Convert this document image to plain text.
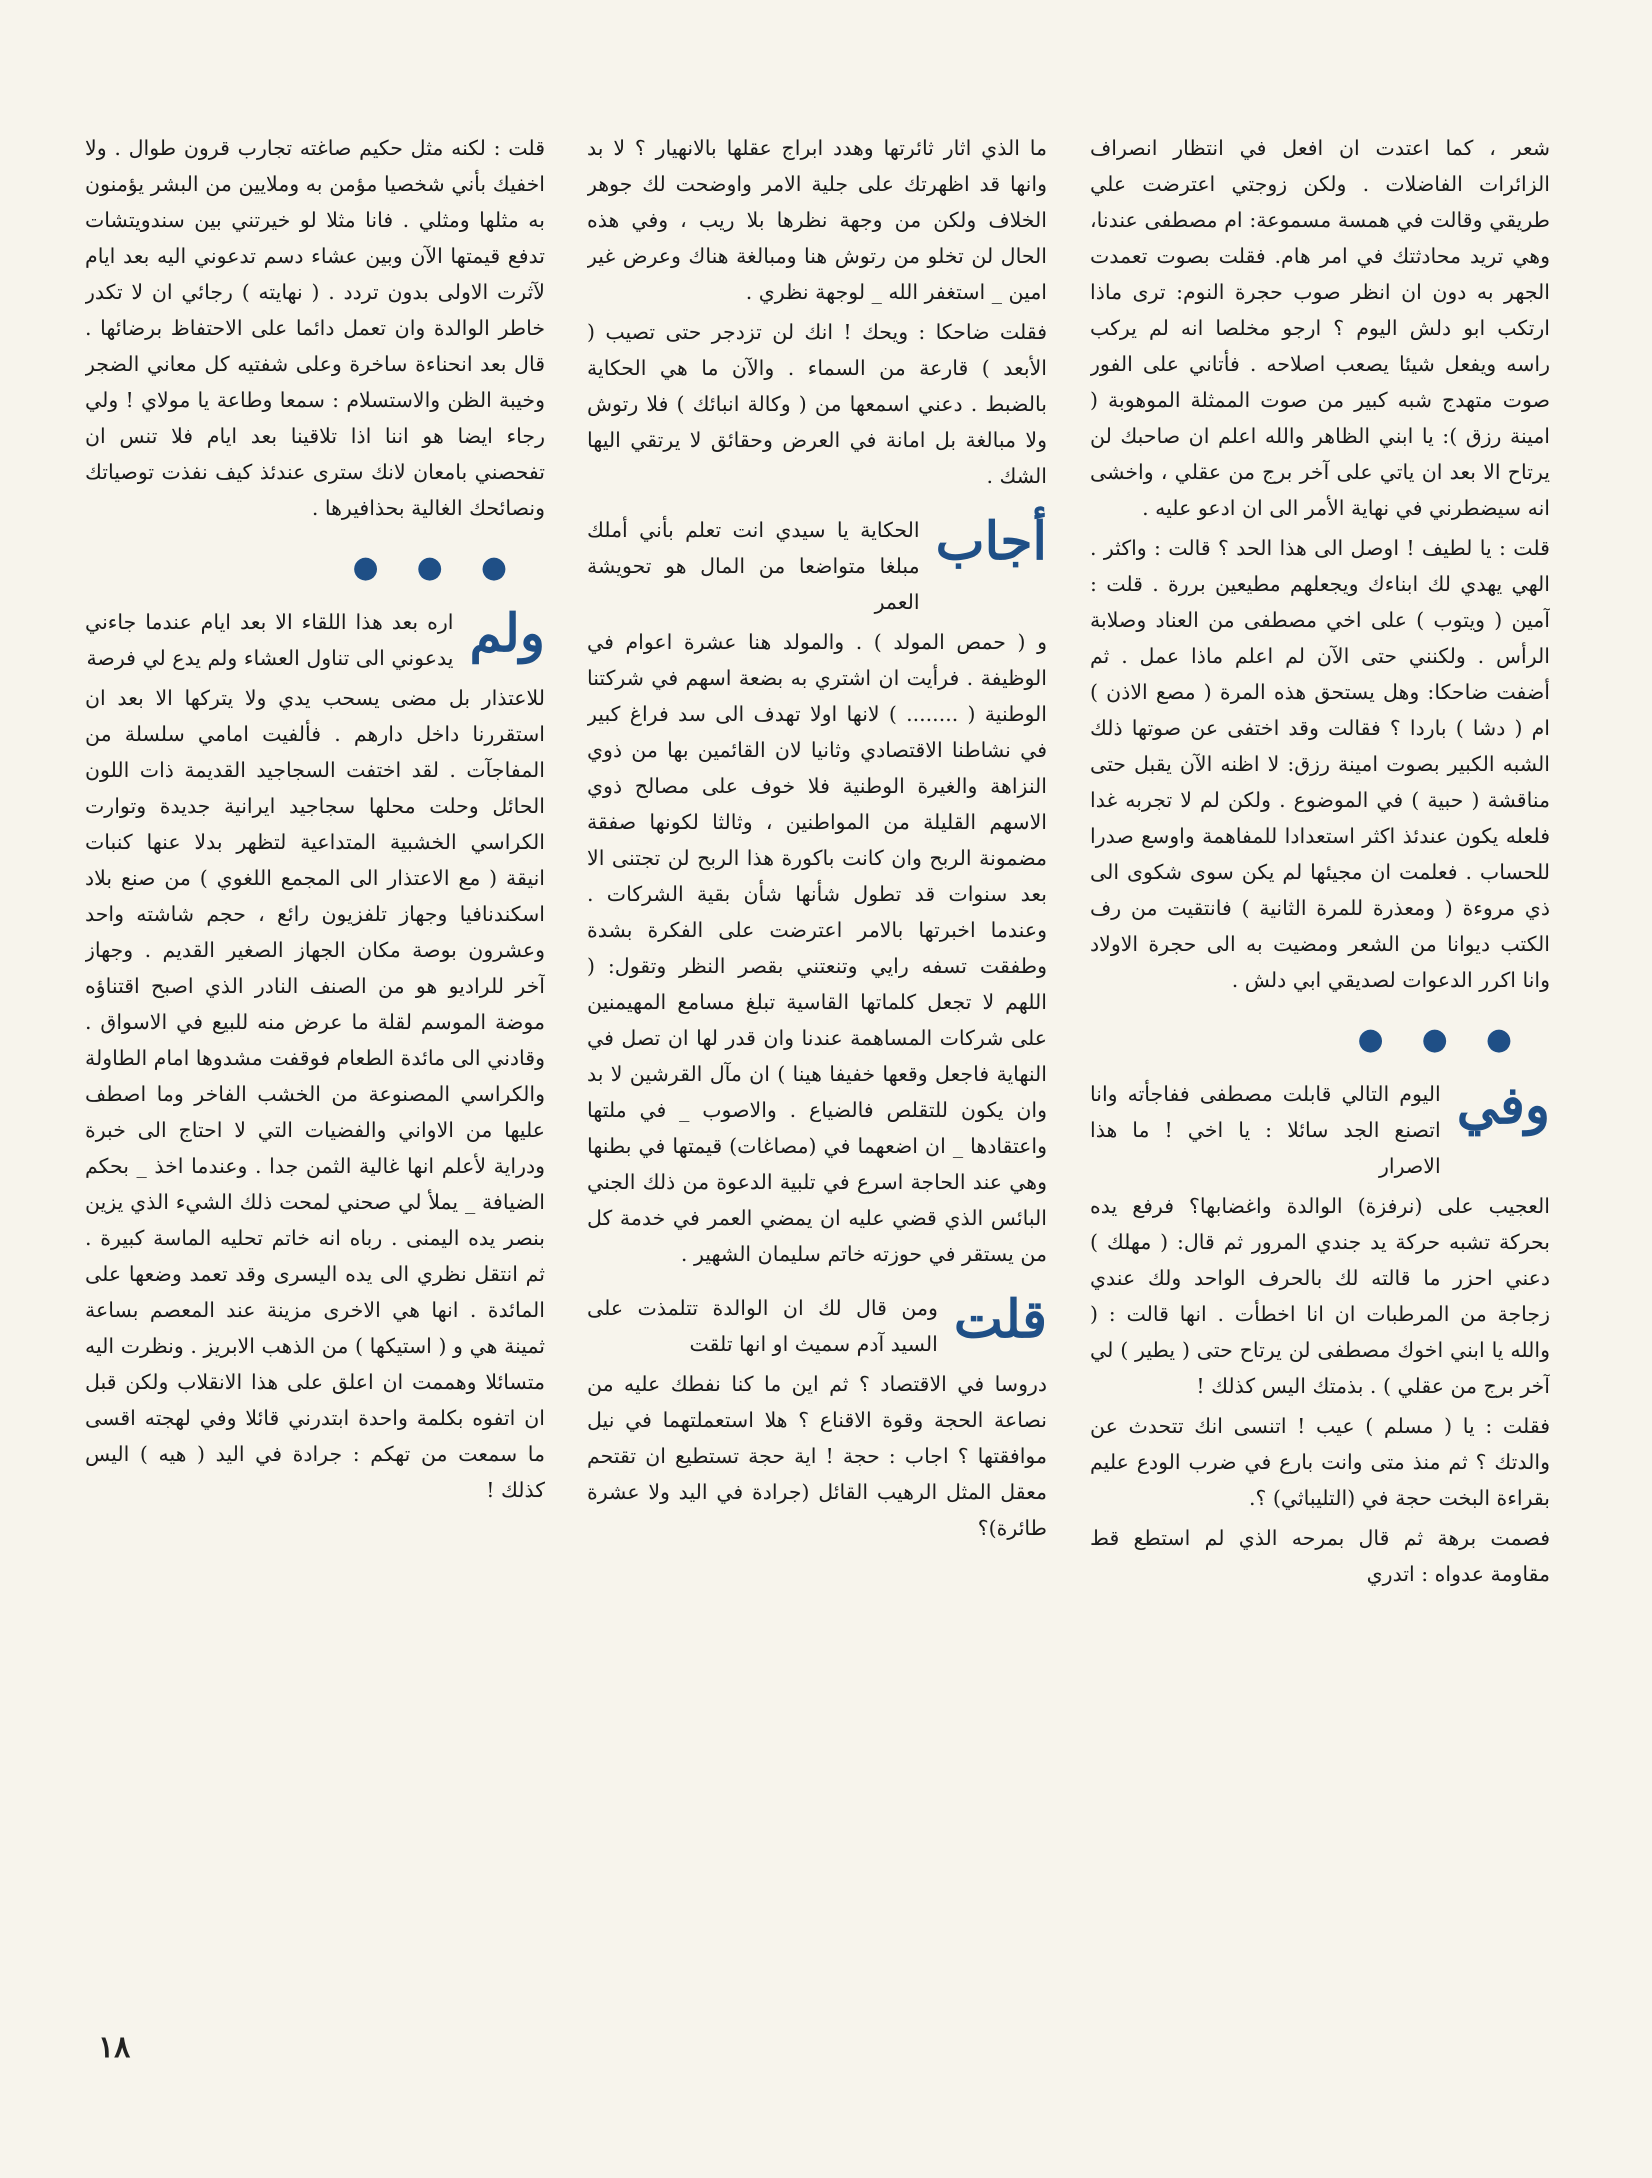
شعر ، كما اعتدت ان افعل في انتظار انصراف الزائرات الفاضلات . ولكن زوجتي اعترضت علي طريقي وقالت في همسة مسموعة: ام مصطفى عندنا، وهي تريد محادثتك في امر هام. فقلت بصوت تعمدت الجهر به دون ان انظر صوب حجرة النوم: ترى ماذا ارتكب ابو دلش اليوم ؟ ارجو مخلصا انه لم يركب راسه ويفعل شيئا يصعب اصلاحه . فأتاني على الفور صوت متهدج شبه كبير من صوت الممثلة الموهوبة ( امينة رزق ): يا ابني الظاهر والله اعلم ان صاحبك لن يرتاح الا بعد ان ياتي على آخر برج من عقلي ، واخشى انه سيضطرني في نهاية الأمر الى ان ادعو عليه .

قلت : يا لطيف ! اوصل الى هذا الحد ؟ قالت : واكثر . الهي يهدي لك ابناءك ويجعلهم مطيعين بررة . قلت : آمين ( ويتوب ) على اخي مصطفى من العناد وصلابة الرأس . ولكنني حتى الآن لم اعلم ماذا عمل . ثم أضفت ضاحكا: وهل يستحق هذه المرة ( مصع الاذن ) ام ( دشا ) باردا ؟ فقالت وقد اختفى عن صوتها ذلك الشبه الكبير بصوت امينة رزق: لا اظنه الآن يقبل حتى مناقشة ( حبية ) في الموضوع . ولكن لم لا تجربه غدا فلعله يكون عندئذ اكثر استعدادا للمفاهمة واوسع صدرا للحساب . فعلمت ان مجيئها لم يكن سوى شكوى الى ذي مروءة ( ومعذرة للمرة الثانية ) فانتقيت من رف الكتب ديوانا من الشعر ومضيت به الى حجرة الاولاد وانا اكرر الدعوات لصديقي ابي دلش .

●●●
وفي
اليوم التالي قابلت مصطفى ففاجأته وانا اتصنع الجد سائلا : يا اخي ! ما هذا الاصرار

العجيب على (نرفزة) الوالدة واغضابها؟ فرفع يده بحركة تشبه حركة يد جندي المرور ثم قال: ( مهلك ) دعني احزر ما قالته لك بالحرف الواحد ولك عندي زجاجة من المرطبات ان انا اخطأت . انها قالت : ( والله يا ابني اخوك مصطفى لن يرتاح حتى ( يطير ) لي آخر برج من عقلي ) . بذمتك اليس كذلك !

فقلت : يا ( مسلم ) عيب ! اتنسى انك تتحدث عن والدتك ؟ ثم منذ متى وانت بارع في ضرب الودع عليم بقراءة البخت حجة في (التليباثي) ؟.

فصمت برهة ثم قال بمرحه الذي لم استطع قط مقاومة عدواه : اتدري

ما الذي اثار ثائرتها وهدد ابراج عقلها بالانهيار ؟ لا بد وانها قد اظهرتك على جلية الامر واوضحت لك جوهر الخلاف ولكن من وجهة نظرها بلا ريب ، وفي هذه الحال لن تخلو من رتوش هنا ومبالغة هناك وعرض غير امين _ استغفر الله _ لوجهة نظري .

فقلت ضاحكا : ويحك ! انك لن تزدجر حتى تصيب ( الأبعد ) قارعة من السماء . والآن ما هي الحكاية بالضبط . دعني اسمعها من ( وكالة انبائك ) فلا رتوش ولا مبالغة بل امانة في العرض وحقائق لا يرتقي اليها الشك .

أجاب
الحكاية يا سيدي انت تعلم بأني أملك مبلغا متواضعا من المال هو تحويشة العمر

و ( حمص المولد ) . والمولد هنا عشرة اعوام في الوظيفة . فرأيت ان اشتري به بضعة اسهم في شركتنا الوطنية ( ........ ) لانها اولا تهدف الى سد فراغ كبير في نشاطنا الاقتصادي وثانيا لان القائمين بها من ذوي النزاهة والغيرة الوطنية فلا خوف على مصالح ذوي الاسهم القليلة من المواطنين ، وثالثا لكونها صفقة مضمونة الربح وان كانت باكورة هذا الربح لن تجتنى الا بعد سنوات قد تطول شأنها شأن بقية الشركات . وعندما اخبرتها بالامر اعترضت على الفكرة بشدة وطفقت تسفه رايي وتنعتني بقصر النظر وتقول: ( اللهم لا تجعل كلماتها القاسية تبلغ مسامع المهيمنين على شركات المساهمة عندنا وان قدر لها ان تصل في النهاية فاجعل وقعها خفيفا هينا ) ان مآل القرشين لا بد وان يكون للتقلص فالضياع . والاصوب _ في ملتها واعتقادها _ ان اضعهما في (مصاغات) قيمتها في بطنها وهي عند الحاجة اسرع في تلبية الدعوة من ذلك الجني البائس الذي قضي عليه ان يمضي العمر في خدمة كل من يستقر في حوزته خاتم سليمان الشهير .

قلت
ومن قال لك ان الوالدة تتلمذت على السيد آدم سميث او انها تلقت

دروسا في الاقتصاد ؟ ثم اين ما كنا نفطك عليه من نصاعة الحجة وقوة الاقناع ؟ هلا استعملتهما في نيل موافقتها ؟ اجاب : حجة ! اية حجة تستطيع ان تقتحم معقل المثل الرهيب القائل (جرادة في اليد ولا عشرة طائرة)؟

قلت : لكنه مثل حكيم صاغته تجارب قرون طوال . ولا اخفيك بأني شخصيا مؤمن به وملايين من البشر يؤمنون به مثلها ومثلي . فانا مثلا لو خيرتني بين سندويتشات تدفع قيمتها الآن وبين عشاء دسم تدعوني اليه بعد ايام لآثرت الاولى بدون تردد . ( نهايته ) رجائي ان لا تكدر خاطر الوالدة وان تعمل دائما على الاحتفاظ برضائها . قال بعد انحناءة ساخرة وعلى شفتيه كل معاني الضجر وخيبة الظن والاستسلام : سمعا وطاعة يا مولاي ! ولي رجاء ايضا هو اننا اذا تلاقينا بعد ايام فلا تنس ان تفحصني بامعان لانك سترى عندئذ كيف نفذت توصياتك ونصائحك الغالية بحذافيرها .

●●●
ولم
اره بعد هذا اللقاء الا بعد ايام عندما جاءني يدعوني الى تناول العشاء ولم يدع لي فرصة

للاعتذار بل مضى يسحب يدي ولا يتركها الا بعد ان استقررنا داخل دارهم . فألفيت امامي سلسلة من المفاجآت . لقد اختفت السجاجيد القديمة ذات اللون الحائل وحلت محلها سجاجيد ايرانية جديدة وتوارت الكراسي الخشبية المتداعية لتظهر بدلا عنها كنبات انيقة ( مع الاعتذار الى المجمع اللغوي ) من صنع بلاد اسكندنافيا وجهاز تلفزيون رائع ، حجم شاشته واحد وعشرون بوصة مكان الجهاز الصغير القديم . وجهاز آخر للراديو هو من الصنف النادر الذي اصبح اقتناؤه موضة الموسم لقلة ما عرض منه للبيع في الاسواق . وقادني الى مائدة الطعام فوقفت مشدوها امام الطاولة والكراسي المصنوعة من الخشب الفاخر وما اصطف عليها من الاواني والفضيات التي لا احتاج الى خبرة ودراية لأعلم انها غالية الثمن جدا . وعندما اخذ _ بحكم الضيافة _ يملأ لي صحني لمحت ذلك الشيء الذي يزين بنصر يده اليمنى . رباه انه خاتم تحليه الماسة كبيرة . ثم انتقل نظري الى يده اليسرى وقد تعمد وضعها على المائدة . انها هي الاخرى مزينة عند المعصم بساعة ثمينة هي و ( استيكها ) من الذهب الابريز . ونظرت اليه متسائلا وهممت ان اعلق على هذا الانقلاب ولكن قبل ان اتفوه بكلمة واحدة ابتدرني قائلا وفي لهجته اقسى ما سمعت من تهكم : جرادة في اليد ( هيه ) اليس كذلك !

١٨
